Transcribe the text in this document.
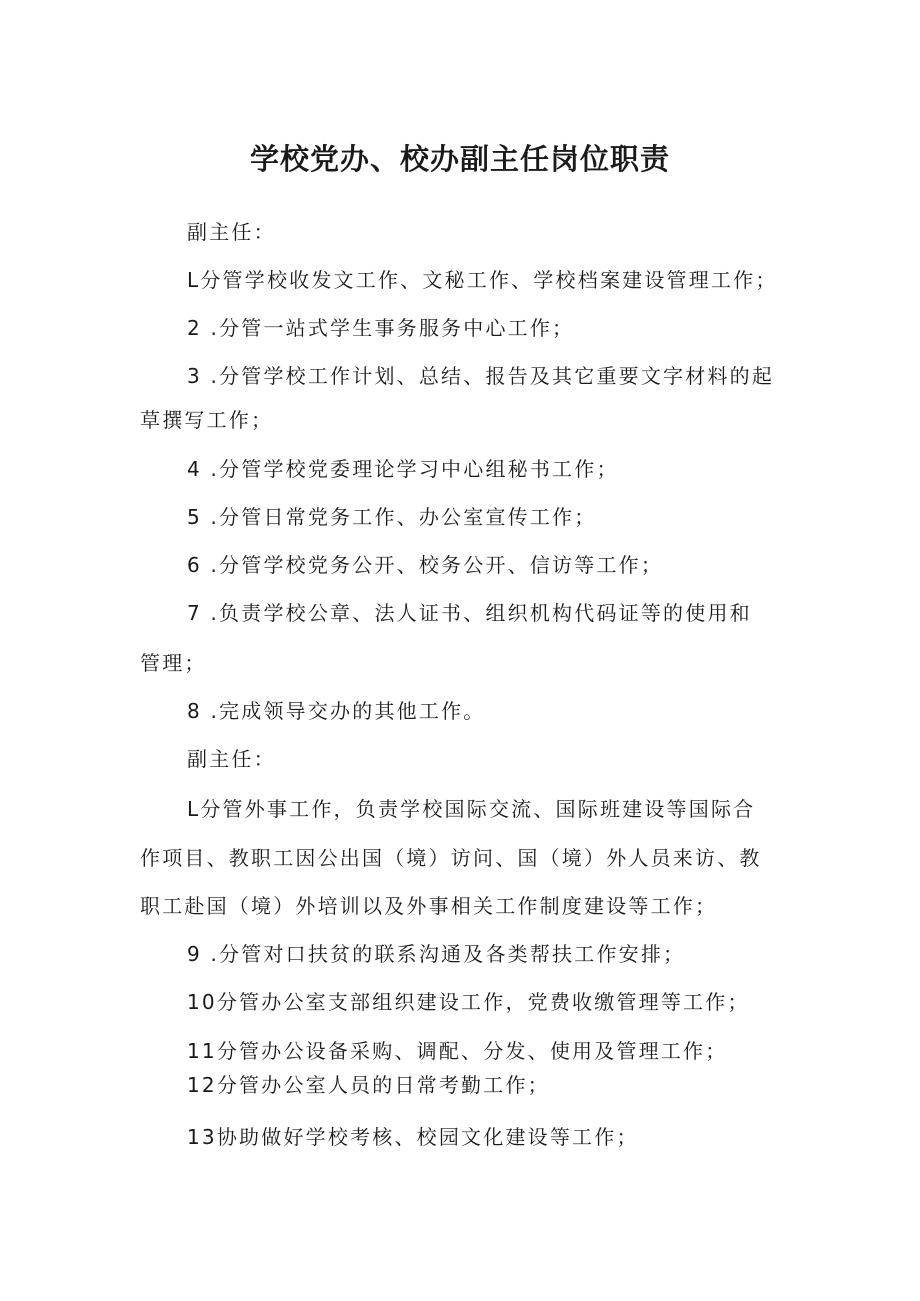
学校党办、校办副主任岗位职责
副主任：
L分管学校收发文工作、文秘工作、学校档案建设管理工作；
2 .分管一站式学生事务服务中心工作；
3 .分管学校工作计划、总结、报告及其它重要文字材料的起
草撰写工作；
4 .分管学校党委理论学习中心组秘书工作；
5 .分管日常党务工作、办公室宣传工作；
6 .分管学校党务公开、校务公开、信访等工作；
7 .负责学校公章、法人证书、组织机构代码证等的使用和
管理；
8 .完成领导交办的其他工作。
副主任：
L分管外事工作，负责学校国际交流、国际班建设等国际合
作项目、教职工因公出国（境）访问、国（境）外人员来访、教
职工赴国（境）外培训以及外事相关工作制度建设等工作；
9 .分管对口扶贫的联系沟通及各类帮扶工作安排；
10分管办公室支部组织建设工作，党费收缴管理等工作；
11分管办公设备采购、调配、分发、使用及管理工作；
12分管办公室人员的日常考勤工作；
13协助做好学校考核、校园文化建设等工作；
